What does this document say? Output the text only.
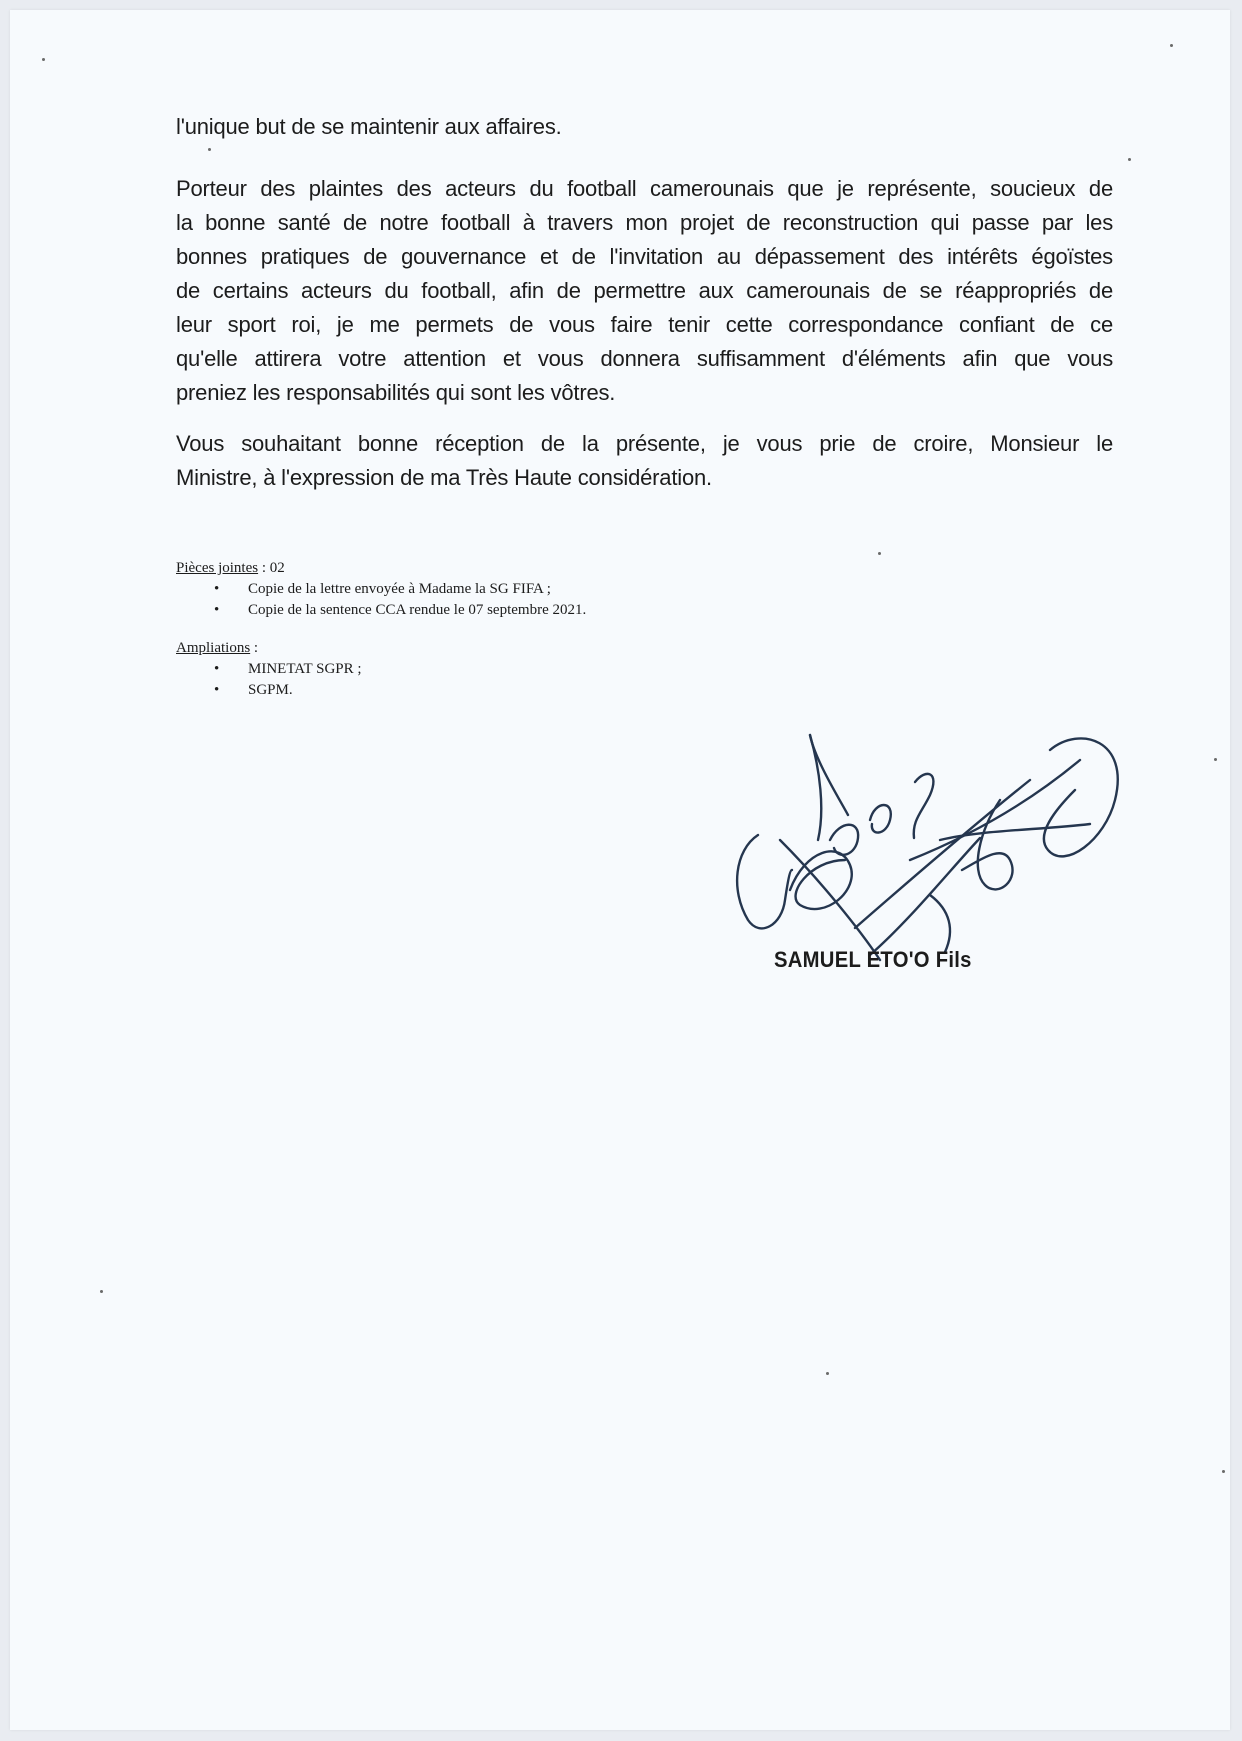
l'unique but de se maintenir aux affaires.
Porteur des plaintes des acteurs du football camerounais que je représente, soucieux de
la bonne santé de notre football à travers mon projet de reconstruction qui passe par les
bonnes pratiques de gouvernance et de l'invitation au dépassement des intérêts égoïstes
de certains acteurs du football, afin de permettre aux camerounais de se réappropriés de
leur sport roi, je me permets de vous faire tenir cette correspondance confiant de ce
qu'elle attirera votre attention et vous donnera suffisamment d'éléments afin que vous
preniez les responsabilités qui sont les vôtres.
Vous souhaitant bonne réception de la présente, je vous prie de croire, Monsieur le
Ministre, à l'expression de ma Très Haute considération.
Pièces jointes : 02
• Copie de la lettre envoyée à Madame la SG FIFA ;
• Copie de la sentence CCA rendue le 07 septembre 2021.
Ampliations :
• MINETAT SGPR ;
• SGPM.
SAMUEL ETO'O Fils
